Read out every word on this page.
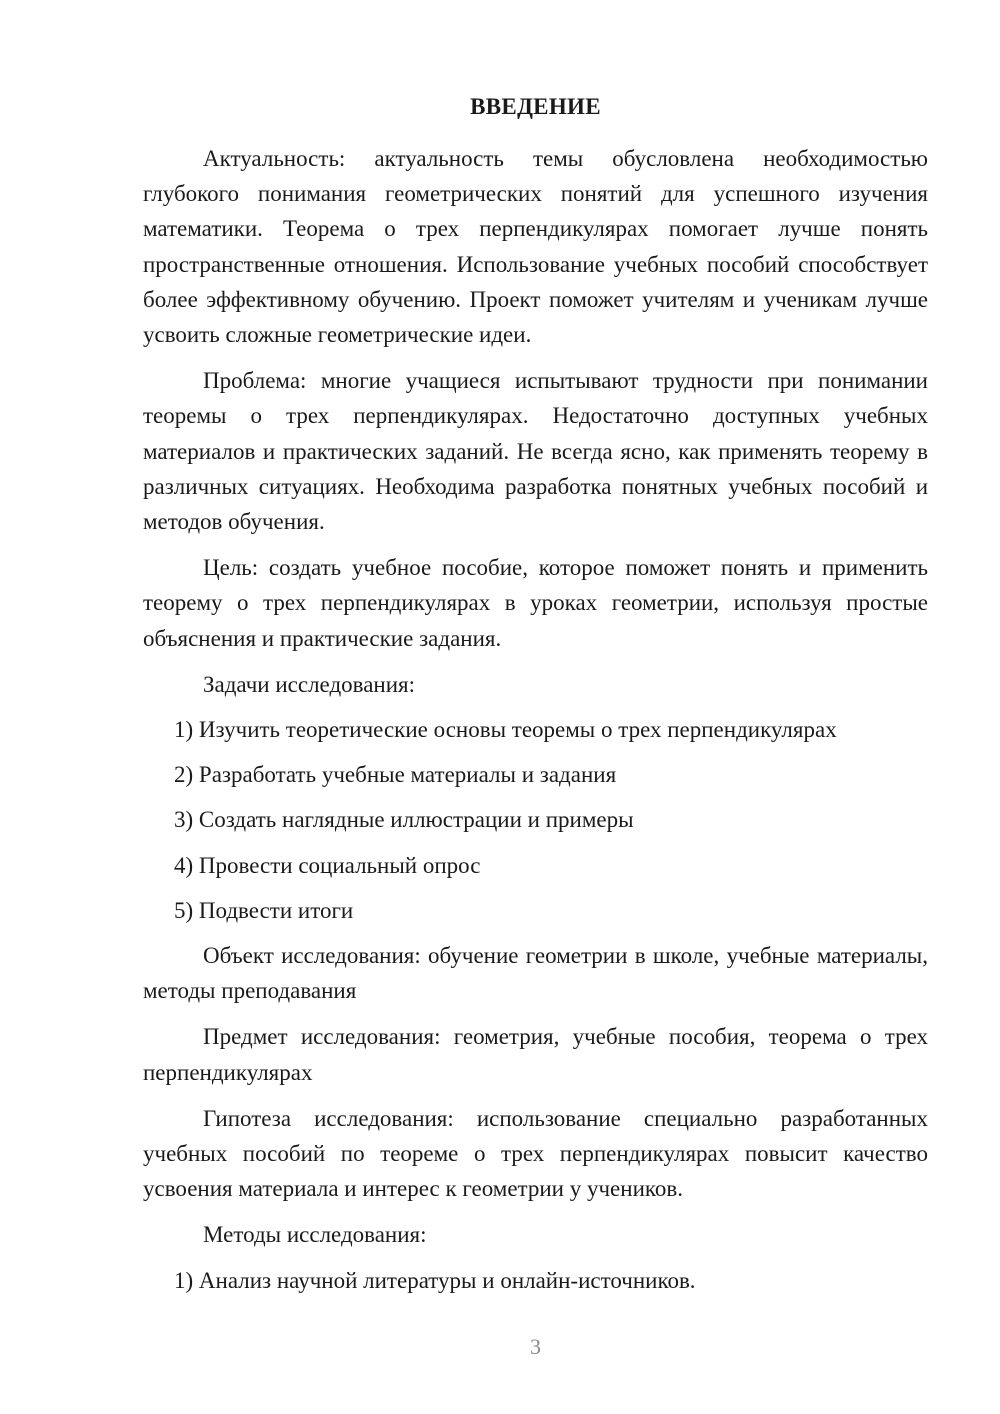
ВВЕДЕНИЕ

Актуальность: актуальность темы обусловлена необходимостью глубокого понимания геометрических понятий для успешного изучения математики. Теорема о трех перпендикулярах помогает лучше понять пространственные отношения. Использование учебных пособий способствует более эффективному обучению. Проект поможет учителям и ученикам лучше усвоить сложные геометрические идеи.

Проблема: многие учащиеся испытывают трудности при понимании теоремы о трех перпендикулярах. Недостаточно доступных учебных материалов и практических заданий. Не всегда ясно, как применять теорему в различных ситуациях. Необходима разработка понятных учебных пособий и методов обучения.

Цель: создать учебное пособие, которое поможет понять и применить теорему о трех перпендикулярах в уроках геометрии, используя простые объяснения и практические задания.

Задачи исследования:
1) Изучить теоретические основы теоремы о трех перпендикулярах
2) Разработать учебные материалы и задания
3) Создать наглядные иллюстрации и примеры
4) Провести социальный опрос
5) Подвести итоги

Объект исследования: обучение геометрии в школе, учебные материалы, методы преподавания

Предмет исследования: геометрия, учебные пособия, теорема о трех перпендикулярах

Гипотеза исследования: использование специально разработанных учебных пособий по теореме о трех перпендикулярах повысит качество усвоения материала и интерес к геометрии у учеников.

Методы исследования:
1) Анализ научной литературы и онлайн-источников.
3
